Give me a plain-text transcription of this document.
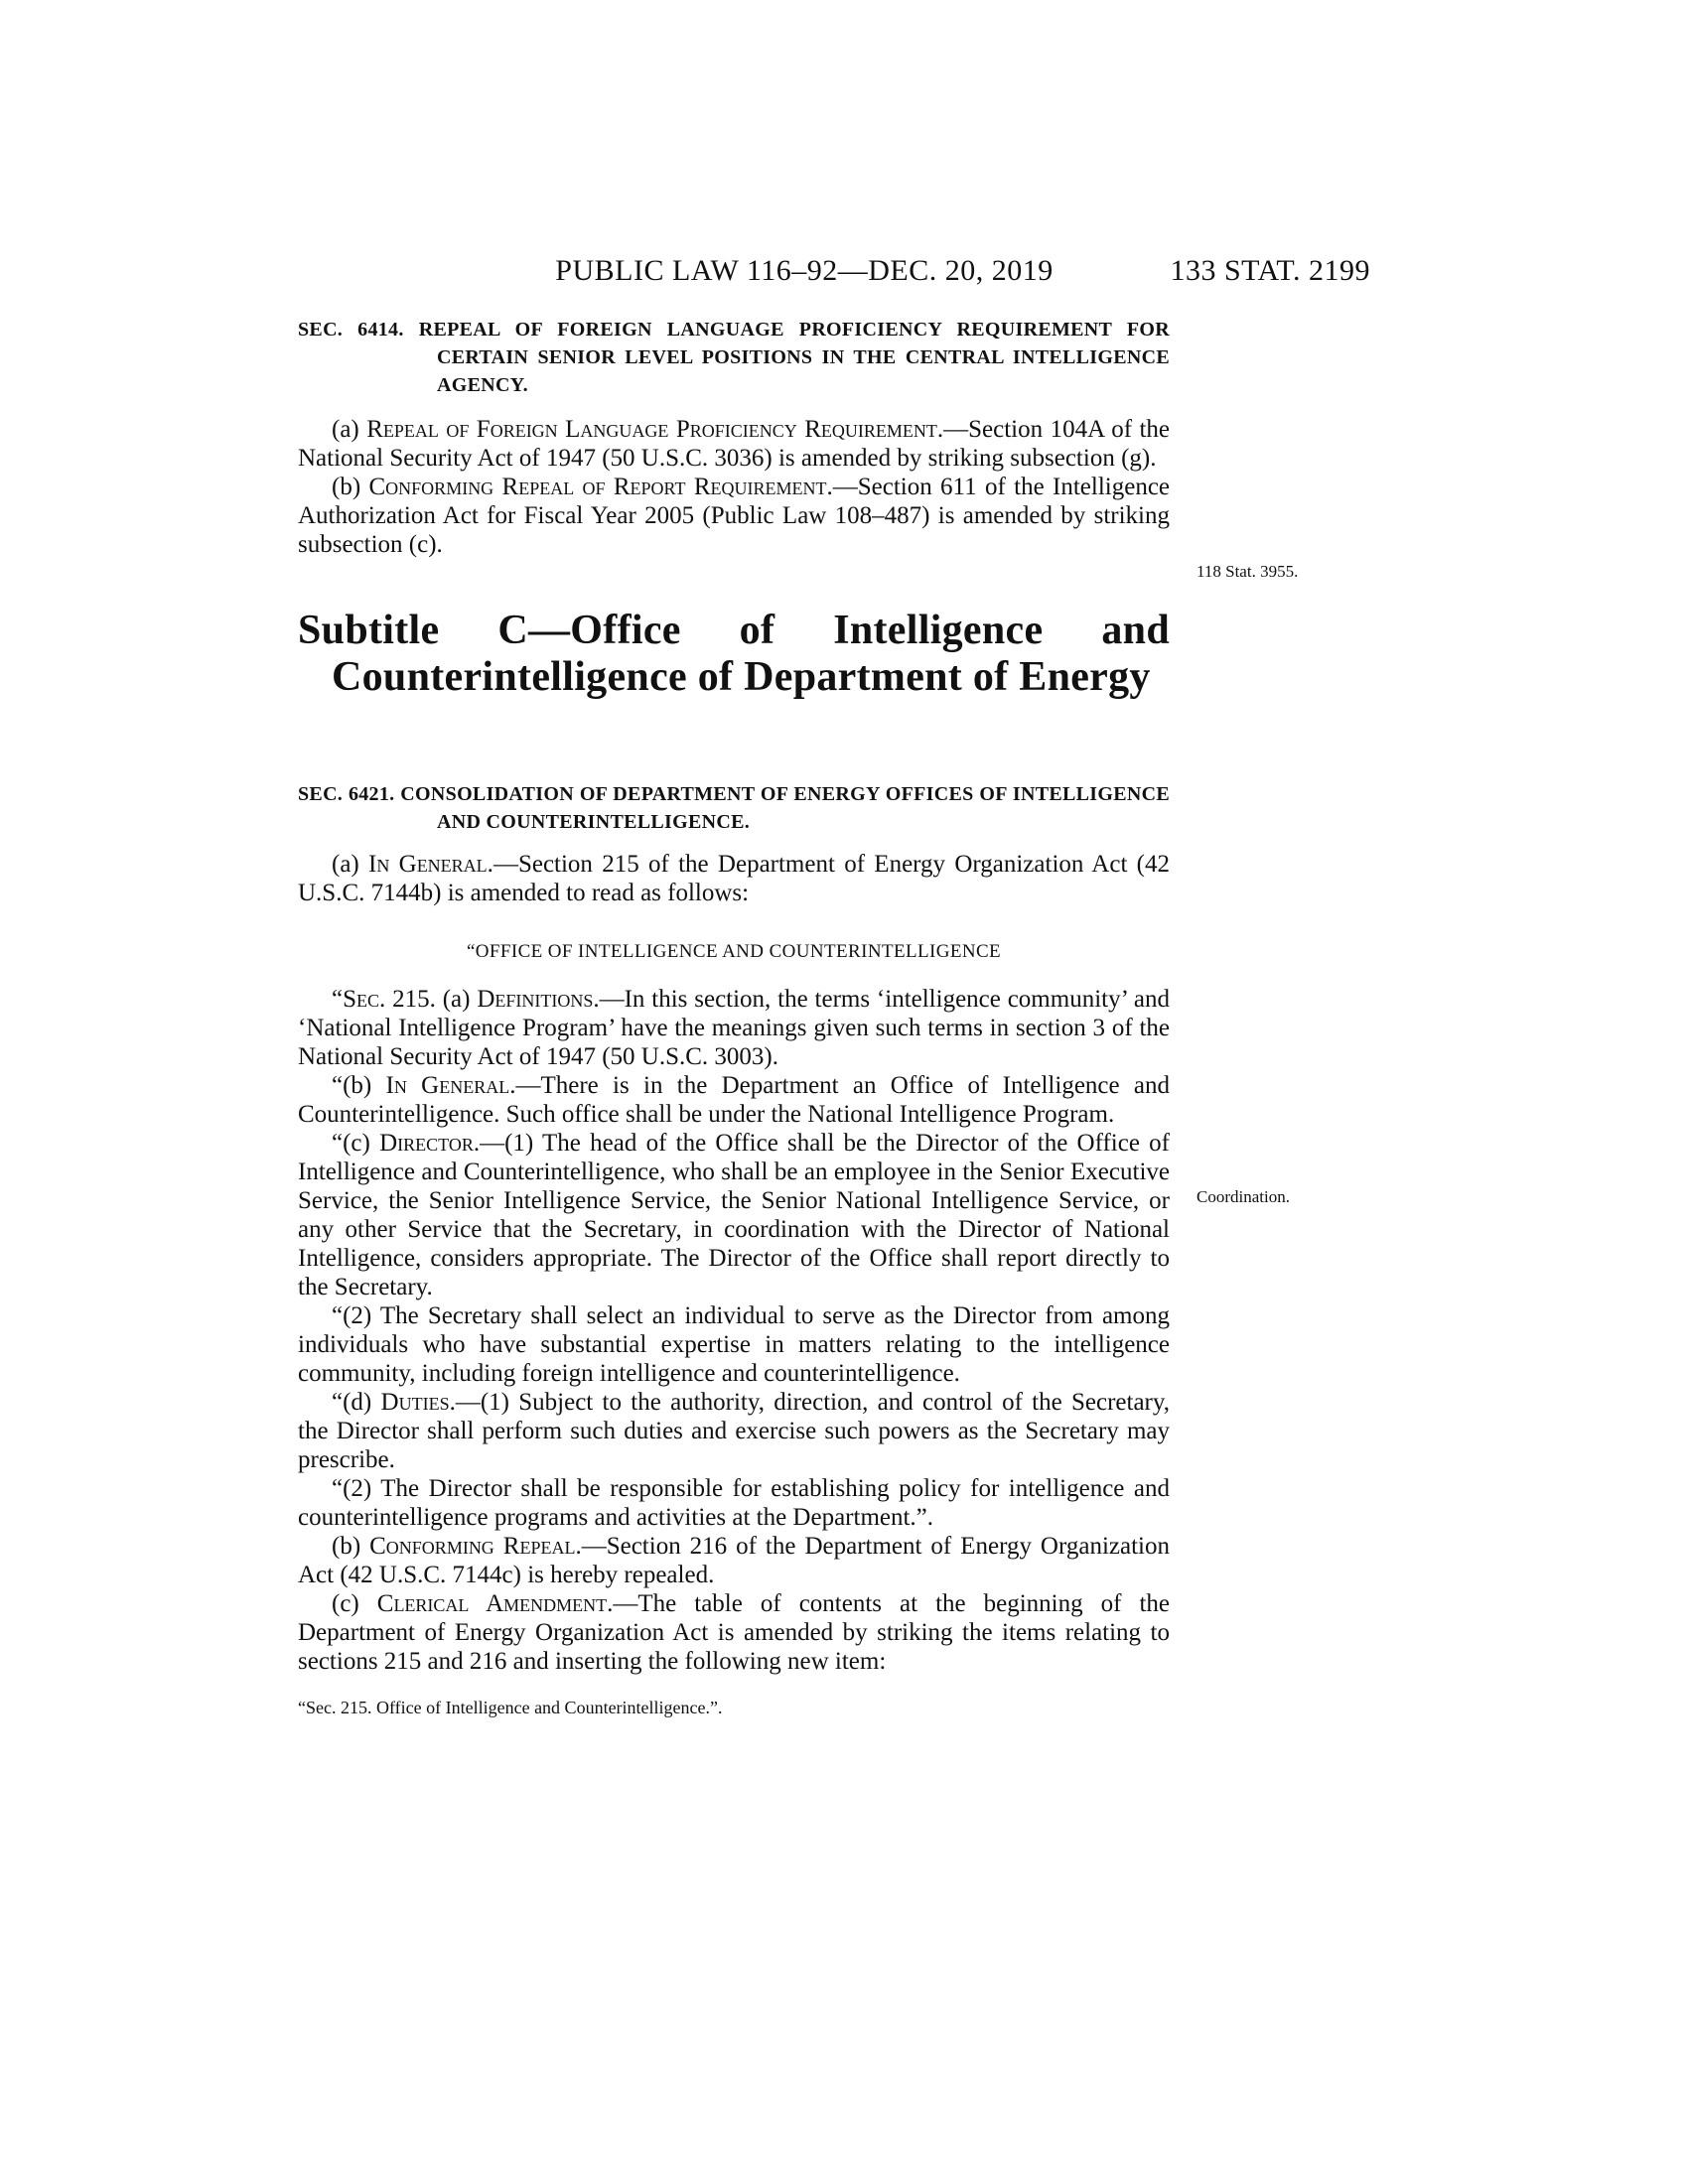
PUBLIC LAW 116–92—DEC. 20, 2019	133 STAT. 2199
SEC. 6414. REPEAL OF FOREIGN LANGUAGE PROFICIENCY REQUIREMENT FOR CERTAIN SENIOR LEVEL POSITIONS IN THE CENTRAL INTELLIGENCE AGENCY.

(a) Repeal of Foreign Language Proficiency Requirement.—Section 104A of the National Security Act of 1947 (50 U.S.C. 3036) is amended by striking subsection (g).

(b) Conforming Repeal of Report Requirement.—Section 611 of the Intelligence Authorization Act for Fiscal Year 2005 (Public Law 108–487) is amended by striking subsection (c).

Subtitle C—Office of Intelligence and Counterintelligence of Department of Energy
SEC. 6421. CONSOLIDATION OF DEPARTMENT OF ENERGY OFFICES OF INTELLIGENCE AND COUNTERINTELLIGENCE.

(a) In General.—Section 215 of the Department of Energy Organization Act (42 U.S.C. 7144b) is amended to read as follows:

“OFFICE OF INTELLIGENCE AND COUNTERINTELLIGENCE

“Sec. 215. (a) Definitions.—In this section, the terms ‘intelligence community’ and ‘National Intelligence Program’ have the meanings given such terms in section 3 of the National Security Act of 1947 (50 U.S.C. 3003).

“(b) In General.—There is in the Department an Office of Intelligence and Counterintelligence. Such office shall be under the National Intelligence Program.

“(c) Director.—(1) The head of the Office shall be the Director of the Office of Intelligence and Counterintelligence, who shall be an employee in the Senior Executive Service, the Senior Intelligence Service, the Senior National Intelligence Service, or any other Service that the Secretary, in coordination with the Director of National Intelligence, considers appropriate. The Director of the Office shall report directly to the Secretary.

“(2) The Secretary shall select an individual to serve as the Director from among individuals who have substantial expertise in matters relating to the intelligence community, including foreign intelligence and counterintelligence.

“(d) Duties.—(1) Subject to the authority, direction, and control of the Secretary, the Director shall perform such duties and exercise such powers as the Secretary may prescribe.

“(2) The Director shall be responsible for establishing policy for intelligence and counterintelligence programs and activities at the Department.”.

(b) Conforming Repeal.—Section 216 of the Department of Energy Organization Act (42 U.S.C. 7144c) is hereby repealed.

(c) Clerical Amendment.—The table of contents at the beginning of the Department of Energy Organization Act is amended by striking the items relating to sections 215 and 216 and inserting the following new item:

“Sec. 215. Office of Intelligence and Counterintelligence.”.
118 Stat. 3955.
Coordination.
